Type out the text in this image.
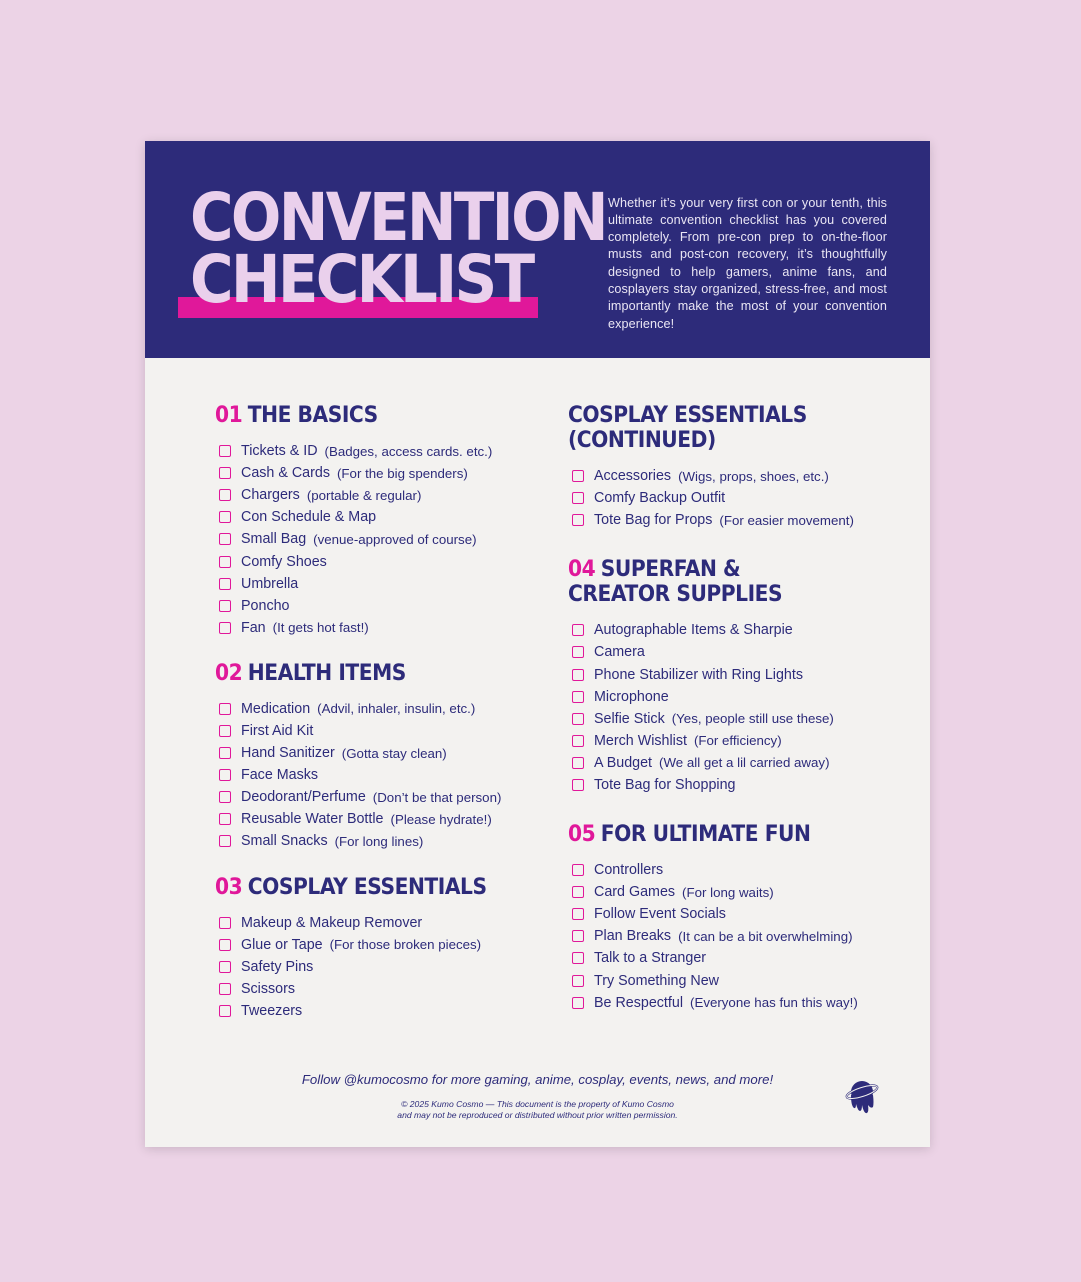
CONVENTION
CHECKLIST

Whether it’s your very first con or your tenth, this ultimate convention checklist has you covered completely. From pre-con prep to on-the-floor musts and post-con recovery, it’s thoughtfully designed to help gamers, anime fans, and cosplayers stay organized, stress-free, and most importantly make the most of your convention experience!

01 THE BASICS
Tickets & ID (Badges, access cards. etc.)
Cash & Cards (For the big spenders)
Chargers (portable & regular)
Con Schedule & Map
Small Bag (venue-approved of course)
Comfy Shoes
Umbrella
Poncho
Fan (It gets hot fast!)
02 HEALTH ITEMS
Medication (Advil, inhaler, insulin, etc.)
First Aid Kit
Hand Sanitizer (Gotta stay clean)
Face Masks
Deodorant/Perfume (Don’t be that person)
Reusable Water Bottle (Please hydrate!)
Small Snacks (For long lines)
03 COSPLAY ESSENTIALS
Makeup & Makeup Remover
Glue or Tape (For those broken pieces)
Safety Pins
Scissors
Tweezers
COSPLAY ESSENTIALS
(CONTINUED)
Accessories (Wigs, props, shoes, etc.)
Comfy Backup Outfit
Tote Bag for Props (For easier movement)
04 SUPERFAN &
CREATOR SUPPLIES
Autographable Items & Sharpie
Camera
Phone Stabilizer with Ring Lights
Microphone
Selfie Stick (Yes, people still use these)
Merch Wishlist (For efficiency)
A Budget (We all get a lil carried away)
Tote Bag for Shopping
05 FOR ULTIMATE FUN
Controllers
Card Games (For long waits)
Follow Event Socials
Plan Breaks (It can be a bit overwhelming)
Talk to a Stranger
Try Something New
Be Respectful (Everyone has fun this way!)
Follow @kumocosmo for more gaming, anime, cosplay, events, news, and more!
© 2025 Kumo Cosmo — This document is the property of Kumo Cosmo
and may not be reproduced or distributed without prior written permission.
